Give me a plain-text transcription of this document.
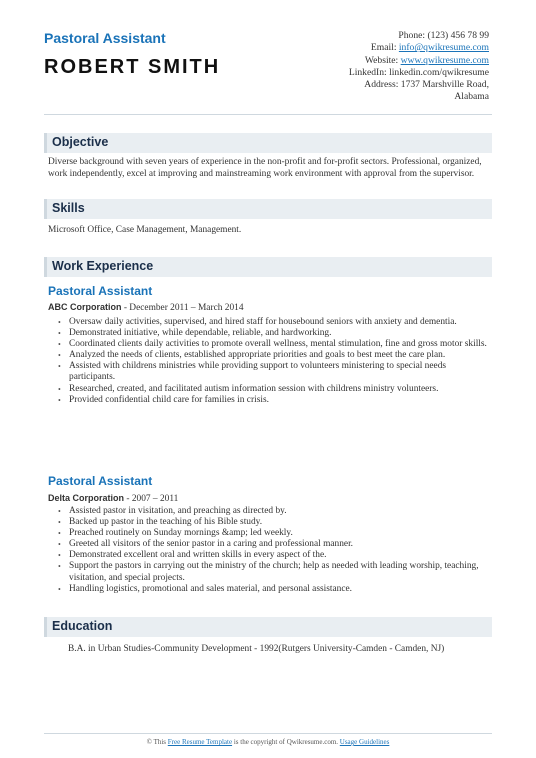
Pastoral Assistant
ROBERT SMITH
Phone: (123) 456 78 99
Email: info@qwikresume.com
Website: www.qwikresume.com
LinkedIn: linkedin.com/qwikresume
Address: 1737 Marshville Road,
Alabama
Objective
Diverse background with seven years of experience in the non-profit and for-profit sectors. Professional, organized, work independently, excel at improving and mainstreaming work environment with approval from the supervisor.
Skills
Microsoft Office, Case Management, Management.
Work Experience
Pastoral Assistant
ABC Corporation - December 2011 – March 2014
• Oversaw daily activities, supervised, and hired staff for housebound seniors with anxiety and dementia.
• Demonstrated initiative, while dependable, reliable, and hardworking.
• Coordinated clients daily activities to promote overall wellness, mental stimulation, fine and gross motor skills.
• Analyzed the needs of clients, established appropriate priorities and goals to best meet the care plan.
• Assisted with childrens ministries while providing support to volunteers ministering to special needs participants.
• Researched, created, and facilitated autism information session with childrens ministry volunteers.
• Provided confidential child care for families in crisis.
Pastoral Assistant
Delta Corporation - 2007 – 2011
• Assisted pastor in visitation, and preaching as directed by.
• Backed up pastor in the teaching of his Bible study.
• Preached routinely on Sunday mornings &amp; led weekly.
• Greeted all visitors of the senior pastor in a caring and professional manner.
• Demonstrated excellent oral and written skills in every aspect of the.
• Support the pastors in carrying out the ministry of the church; help as needed with leading worship, teaching, visitation, and special projects.
• Handling logistics, promotional and sales material, and personal assistance.
Education
B.A. in Urban Studies-Community Development - 1992(Rutgers University-Camden - Camden, NJ)
© This Free Resume Template is the copyright of Qwikresume.com. Usage Guidelines
